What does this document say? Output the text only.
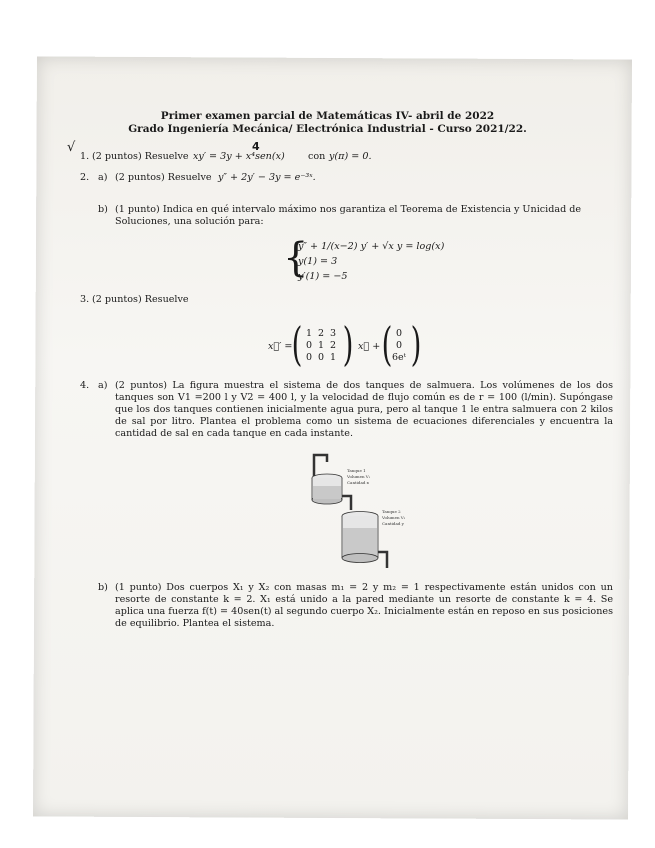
Primer examen parcial de Matemáticas IV- abril de 2022
Grado Ingeniería Mecánica/ Electrónica Industrial - Curso 2021/22.
√
1. (2 puntos) Resuelve xy′ = 3y + x⁴sen(x) con y(π) = 0.
4
2. a) (2 puntos) Resuelve y″ + 2y′ − 3y = e⁻³ˣ.
b) (1 punto) Indica en qué intervalo máximo nos garantiza el Teorema de Existencia y Unicidad de Soluciones, una solución para:
{
y″ + 1/(x−2) y′ + √x y = log(x)
y(1) = 3
y′(1) = −5
3. (2 puntos) Resuelve
x⃗′ = ( 1 2 3
0 1 2
0 0 1 ) x⃗ + ( 0
0
6eᵗ )
4. a) (2 puntos) La figura muestra el sistema de dos tanques de salmuera. Los volúmenes de los dos tanques son V1 =200 l y V2 = 400 l, y la velocidad de flujo común es de r = 100 (l/min). Supóngase que los dos tanques contienen inicialmente agua pura, pero al tanque 1 le entra salmuera con 2 kilos de sal por litro. Plantea el problema como un sistema de ecuaciones diferenciales y encuentra la cantidad de sal en cada tanque en cada instante.
Tanque 1
Volumen V₁
Cantidad x
Tanque 2
Volumen V₂
Cantidad y
b) (1 punto) Dos cuerpos X₁ y X₂ con masas m₁ = 2 y m₂ = 1 respectivamente están unidos con un resorte de constante k = 2. X₁ está unido a la pared mediante un resorte de constante k = 4. Se aplica una fuerza f(t) = 40sen(t) al segundo cuerpo X₂. Inicialmente están en reposo en sus posiciones de equilibrio. Plantea el sistema.
